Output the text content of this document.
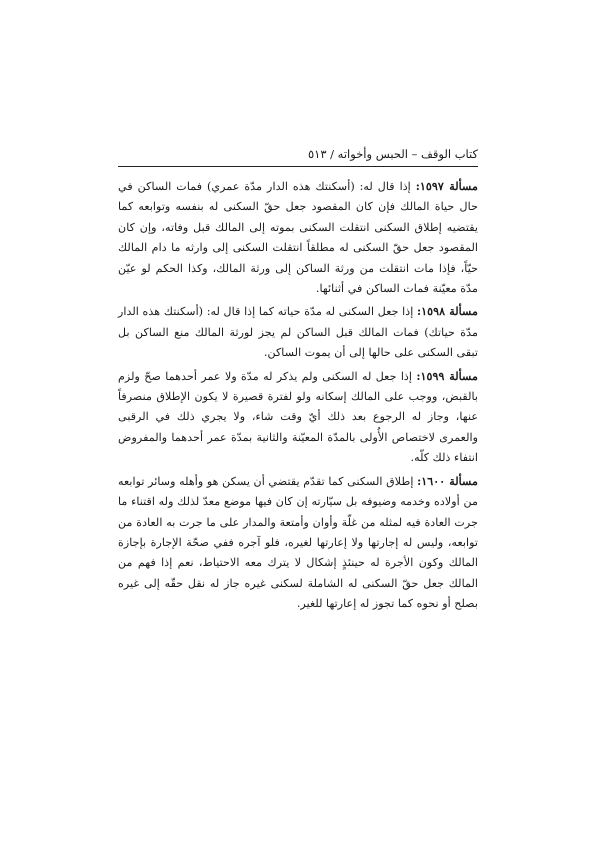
كتاب الوقف – الحبس وأخواته / ٥١٣

مسألة ١٥٩٧: إذا قال له: (أسكنتك هذه الدار مدّة عمري) فمات الساكن في حال حياة المالك فإن كان المقصود جعل حقّ السكنى له بنفسه وتوابعه كما يقتضيه إطلاق السكنى انتقلت السكنى بموته إلى المالك قبل وفاته، وإن كان المقصود جعل حقّ السكنى له مطلقاً انتقلت السكنى إلى وارثه ما دام المالك حيّاً، فإذا مات انتقلت من ورثة الساكن إلى ورثة المالك، وكذا الحكم لو عيّن مدّة معيّنة فمات الساكن في أثنائها.

مسألة ١٥٩٨: إذا جعل السكنى له مدّة حياته كما إذا قال له: (أسكنتك هذه الدار مدّة حياتك) فمات المالك قبل الساكن لم يجز لورثة المالك منع الساكن بل تبقى السكنى على حالها إلى أن يموت الساكن.

مسألة ١٥٩٩: إذا جعل له السكنى ولم يذكر له مدّة ولا عمر أحدهما صحّ ولزم بالقبض، ووجب على المالك إسكانه ولو لفترة قصيرة لا يكون الإطلاق منصرفاً عنها، وجاز له الرجوع بعد ذلك أيّ وقت شاء، ولا يجري ذلك في الرقبى والعمرى لاختصاص الأُولى بالمدّة المعيّنة والثانية بمدّة عمر أحدهما والمفروض انتفاء ذلك كلّه.

مسألة ١٦٠٠: إطلاق السكنى كما تقدّم يقتضي أن يسكن هو وأهله وسائر توابعه من أولاده وخدمه وضيوفه بل سيّارته إن كان فيها موضع معدّ لذلك وله اقتناء ما جرت العادة فيه لمثله من غلّة وأوان وأمتعة والمدار على ما جرت به العادة من توابعه، وليس له إجارتها ولا إعارتها لغيره، فلو آجره ففي صحّة الإجارة بإجازة المالك وكون الأجرة له حينئذٍ إشكال لا يترك معه الاحتياط، نعم إذا فهم من المالك جعل حقّ السكنى له الشاملة لسكنى غيره جاز له نقل حقّه إلى غيره بصلح أو نحوه كما تجوز له إعارتها للغير.
